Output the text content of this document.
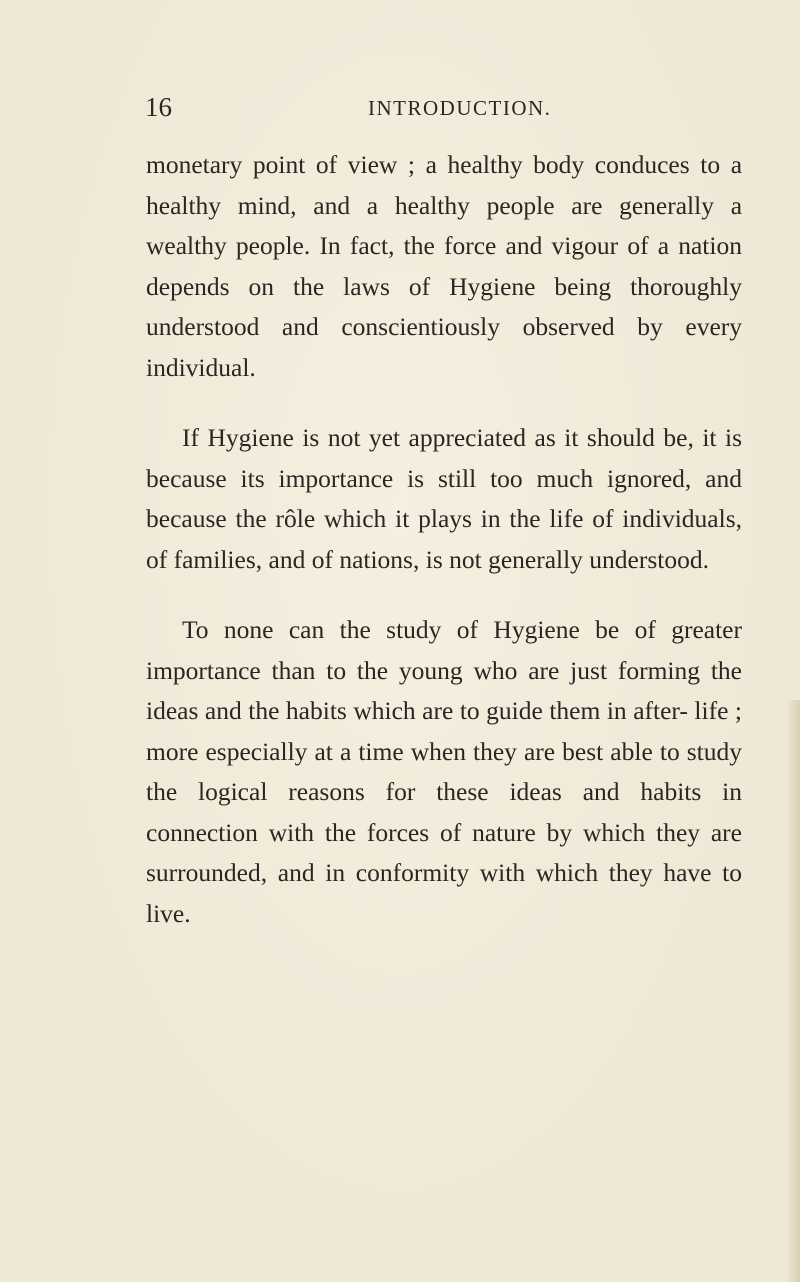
16	INTRODUCTION.

monetary point of view ; a healthy body conduces to a healthy mind, and a healthy people are generally a wealthy people. In fact, the force and vigour of a nation depends on the laws of Hygiene being thoroughly understood and conscientiously observed by every individual.

If Hygiene is not yet appreciated as it should be, it is because its importance is still too much ignored, and because the rôle which it plays in the life of individuals, of families, and of nations, is not generally understood.

To none can the study of Hygiene be of greater importance than to the young who are just forming the ideas and the habits which are to guide them in after- life ; more especially at a time when they are best able to study the logical reasons for these ideas and habits in connection with the forces of nature by which they are surrounded, and in conformity with which they have to live.
